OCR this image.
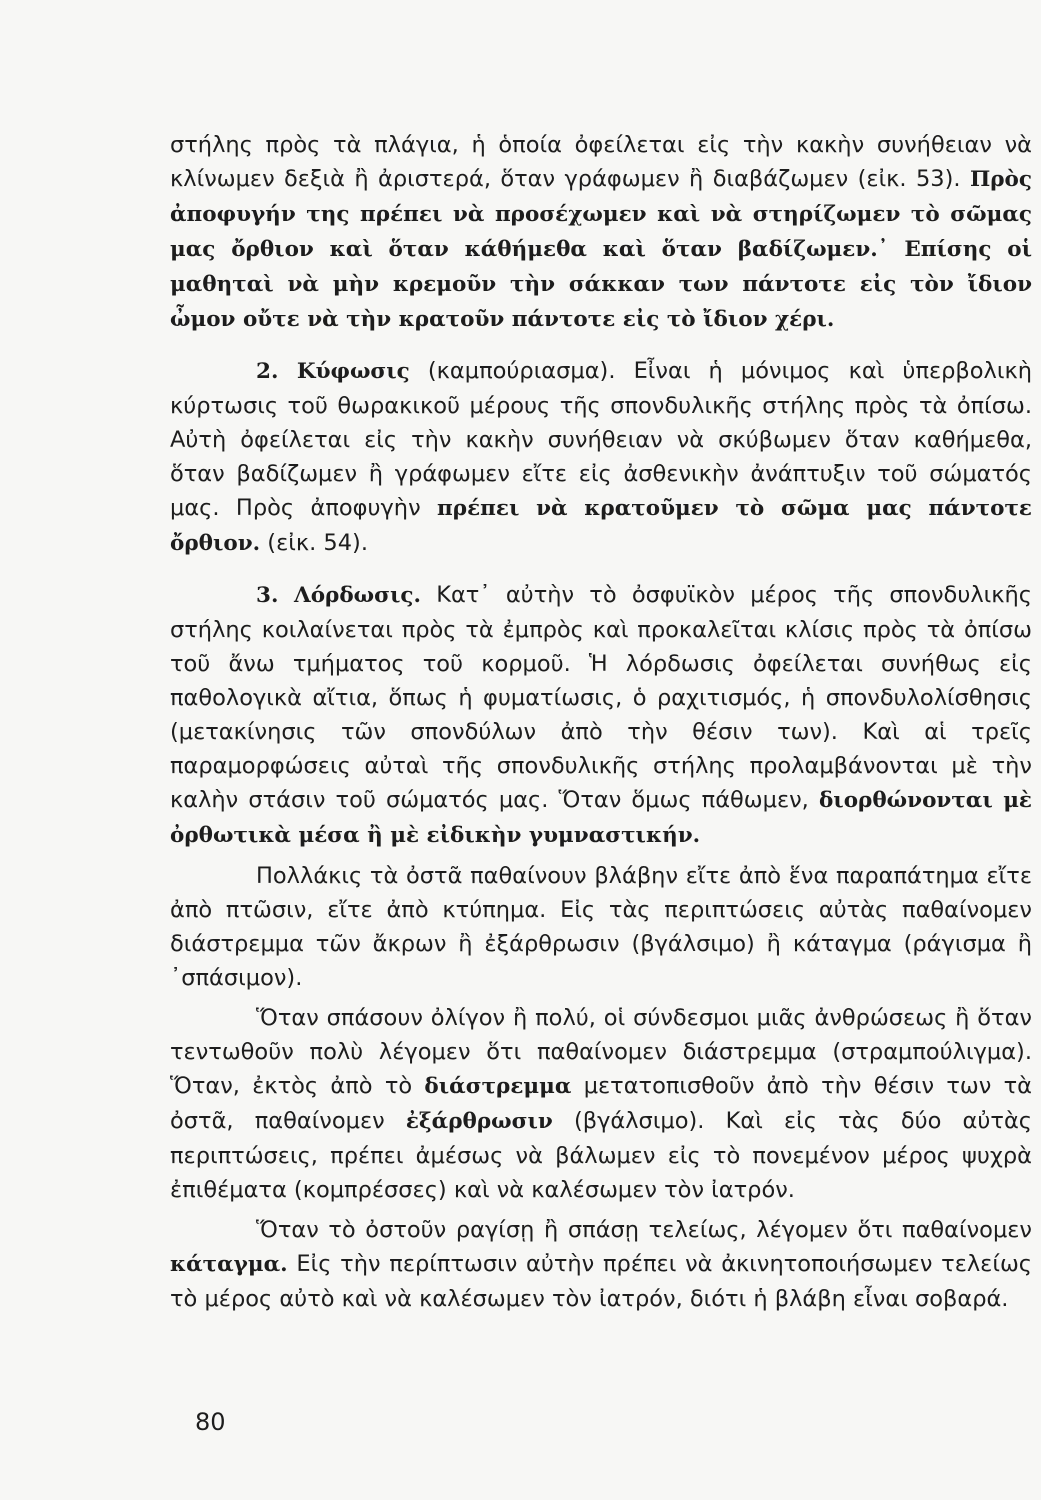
στήλης πρὸς τὰ πλάγια, ἡ ὁποία ὀφείλεται εἰς τὴν κακὴν συνήθειαν νὰ κλίνωμεν δεξιὰ ἢ ἀριστερά, ὅταν γράφωμεν ἢ διαβάζωμεν (εἰκ. 53). Πρὸς ἀποφυγήν της πρέπει νὰ προσέχωμεν καὶ νὰ στηρίζωμεν τὸ σῶμας μας ὄρθιον καὶ ὅταν κάθήμεθα καὶ ὅταν βαδίζωμεν.᾽ Επίσης οἱ μαθηταὶ νὰ μὴν κρεμοῦν τὴν σάκκαν των πάντοτε εἰς τὸν ἴδιον ὦμον οὔτε νὰ τὴν κρατοῦν πάντοτε εἰς τὸ ἴδιον χέρι.

2. Κύφωσις (καμπούριασμα). Εἶναι ἡ μόνιμος καὶ ὑπερβολικὴ κύρτωσις τοῦ θωρακικοῦ μέρους τῆς σπονδυλικῆς στήλης πρὸς τὰ ὀπίσω. Αὐτὴ ὀφείλεται εἰς τὴν κακὴν συνήθειαν νὰ σκύβωμεν ὅταν καθήμεθα, ὅταν βαδίζωμεν ἢ γράφωμεν εἴτε εἰς ἀσθενικὴν ἀνάπτυξιν τοῦ σώματός μας. Πρὸς ἀποφυγὴν πρέπει νὰ κρατοῦμεν τὸ σῶμα μας πάντοτε ὄρθιον. (εἰκ. 54).

3. Λόρδωσις. Κατ᾽ αὐτὴν τὸ ὀσφυϊκὸν μέρος τῆς σπονδυλικῆς στήλης κοιλαίνεται πρὸς τὰ ἐμπρὸς καὶ προκαλεῖται κλίσις πρὸς τὰ ὀπίσω τοῦ ἄνω τμήματος τοῦ κορμοῦ. Ἡ λόρδωσις ὀφείλεται συνήθως εἰς παθολογικὰ αἴτια, ὅπως ἡ φυματίωσις, ὁ ραχιτισμός, ἡ σπονδυλολίσθησις (μετακίνησις τῶν σπονδύλων ἀπὸ τὴν θέσιν των). Καὶ αἱ τρεῖς παραμορφώσεις αὐταὶ τῆς σπονδυλικῆς στήλης προλαμβάνονται μὲ τὴν καλὴν στάσιν τοῦ σώματός μας. Ὅταν ὅμως πάθωμεν, διορθώνονται μὲ ὀρθωτικὰ μέσα ἢ μὲ εἰδικὴν γυμναστικήν.

Πολλάκις τὰ ὀστᾶ παθαίνουν βλάβην εἴτε ἀπὸ ἕνα παραπάτημα εἴτε ἀπὸ πτῶσιν, εἴτε ἀπὸ κτύπημα. Εἰς τὰς περιπτώσεις αὐτὰς παθαίνομεν διάστρεμμα τῶν ἄκρων ἢ ἐξάρθρωσιν (βγάλσιμο) ἢ κάταγμα (ράγισμα ἢ ᾽σπάσιμον).

Ὅταν σπάσουν ὀλίγον ἢ πολύ, οἱ σύνδεσμοι μιᾶς ἀνθρώσεως ἢ ὅταν τεντωθοῦν πολὺ λέγομεν ὅτι παθαίνομεν διάστρεμμα (στραμπούλιγμα). Ὅταν, ἐκτὸς ἀπὸ τὸ διάστρεμμα μετατοπισθοῦν ἀπὸ τὴν θέσιν των τὰ ὀστᾶ, παθαίνομεν ἐξάρθρωσιν (βγάλσιμο). Καὶ εἰς τὰς δύο αὐτὰς περιπτώσεις, πρέπει ἀμέσως νὰ βάλωμεν εἰς τὸ πονεμένον μέρος ψυχρὰ ἐπιθέματα (κομπρέσσες) καὶ νὰ καλέσωμεν τὸν ἰατρόν.

Ὅταν τὸ ὀστοῦν ραγίσῃ ἢ σπάσῃ τελείως, λέγομεν ὅτι παθαίνομεν κάταγμα. Εἰς τὴν περίπτωσιν αὐτὴν πρέπει νὰ ἀκινητοποιήσωμεν τελείως τὸ μέρος αὐτὸ καὶ νὰ καλέσωμεν τὸν ἰατρόν, διότι ἡ βλάβη εἶναι σοβαρά.

80
